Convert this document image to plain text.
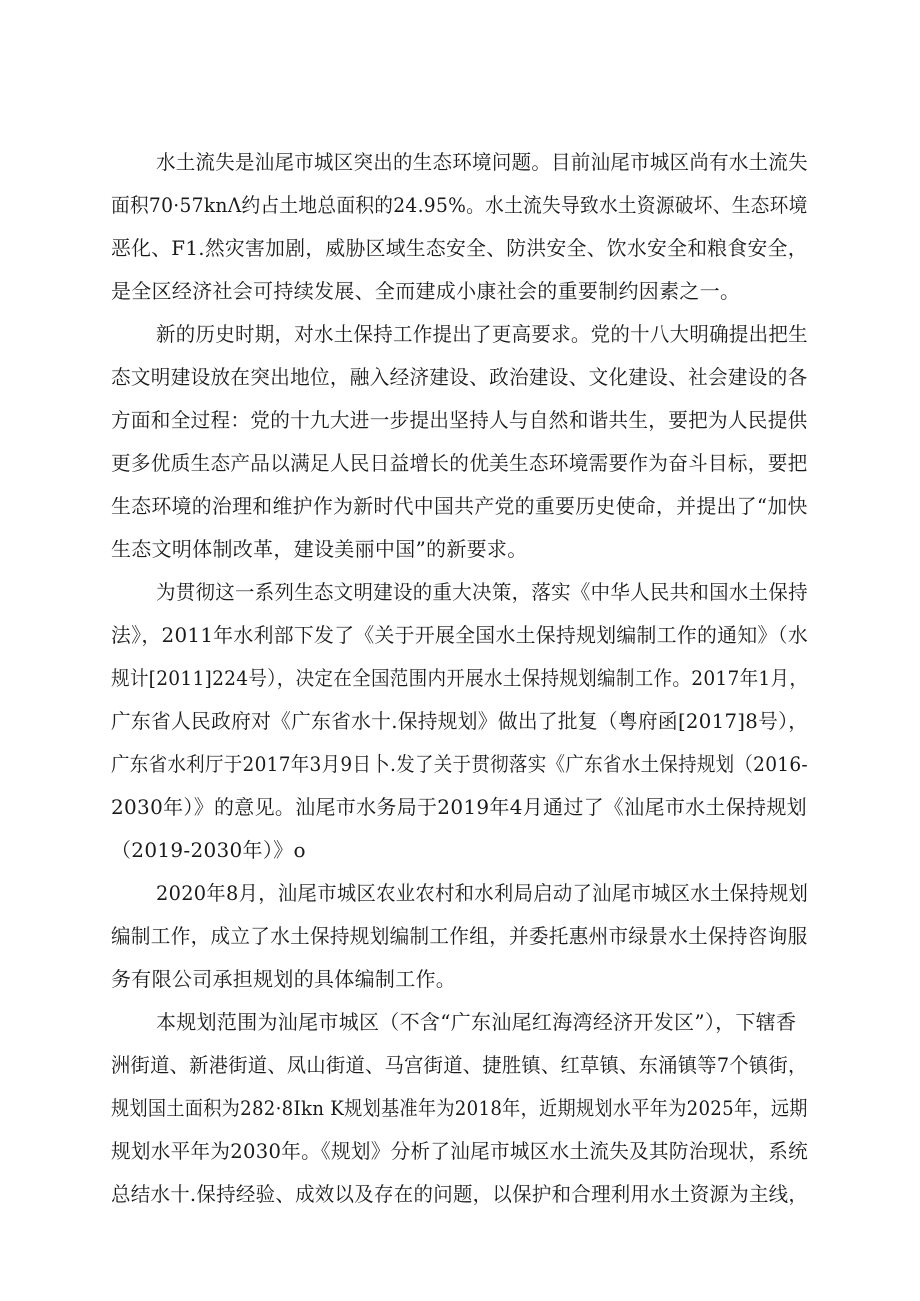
水土流失是汕尾市城区突出的生态环境问题。目前汕尾市城区尚有水土流失
面积70·57knΛ约占土地总面积的24.95%。水土流失导致水土资源破坏、生态环境
恶化、F1.然灾害加剧，威胁区域生态安全、防洪安全、饮水安全和粮食安全，
是全区经济社会可持续发展、全而建成小康社会的重要制约因素之一。
新的历史时期，对水土保持工作提出了更高要求。党的十八大明确提出把生
态文明建设放在突出地位，融入经济建设、政治建设、文化建设、社会建设的各
方面和全过程：党的十九大进一步提出坚持人与自然和谐共生，要把为人民提供
更多优质生态产品以满足人民日益增长的优美生态环境需要作为奋斗目标，要把
生态环境的治理和维护作为新时代中国共产党的重要历史使命，并提出了“加快
生态文明体制改革，建设美丽中国”的新要求。
为贯彻这一系列生态文明建设的重大决策，落实《中华人民共和国水土保持
法》，2011年水利部下发了《关于开展全国水土保持规划编制工作的通知》（水
规计[2011]224号），决定在全国范围内开展水土保持规划编制工作。2017年1月，
广东省人民政府对《广东省水十.保持规划》做出了批复（粤府函[2017]8号），
广东省水利厅于2017年3月9日卜.发了关于贯彻落实《广东省水土保持规划（2016-
2030年）》的意见。汕尾市水务局于2019年4月通过了《汕尾市水土保持规划
（2019-2030年）》o
2020年8月，汕尾市城区农业农村和水利局启动了汕尾市城区水土保持规划
编制工作，成立了水土保持规划编制工作组，并委托惠州市绿景水土保持咨询服
务有限公司承担规划的具体编制工作。
本规划范围为汕尾市城区（不含“广东汕尾红海湾经济开发区”），下辖香
洲街道、新港街道、凤山街道、马宫街道、捷胜镇、红草镇、东涌镇等7个镇街，
规划国土面积为282·8Ikn K规划基准年为2018年，近期规划水平年为2025年，远期
规划水平年为2030年。《规划》分析了汕尾市城区水土流失及其防治现状，系统
总结水十.保持经验、成效以及存在的问题，以保护和合理利用水土资源为主线，
